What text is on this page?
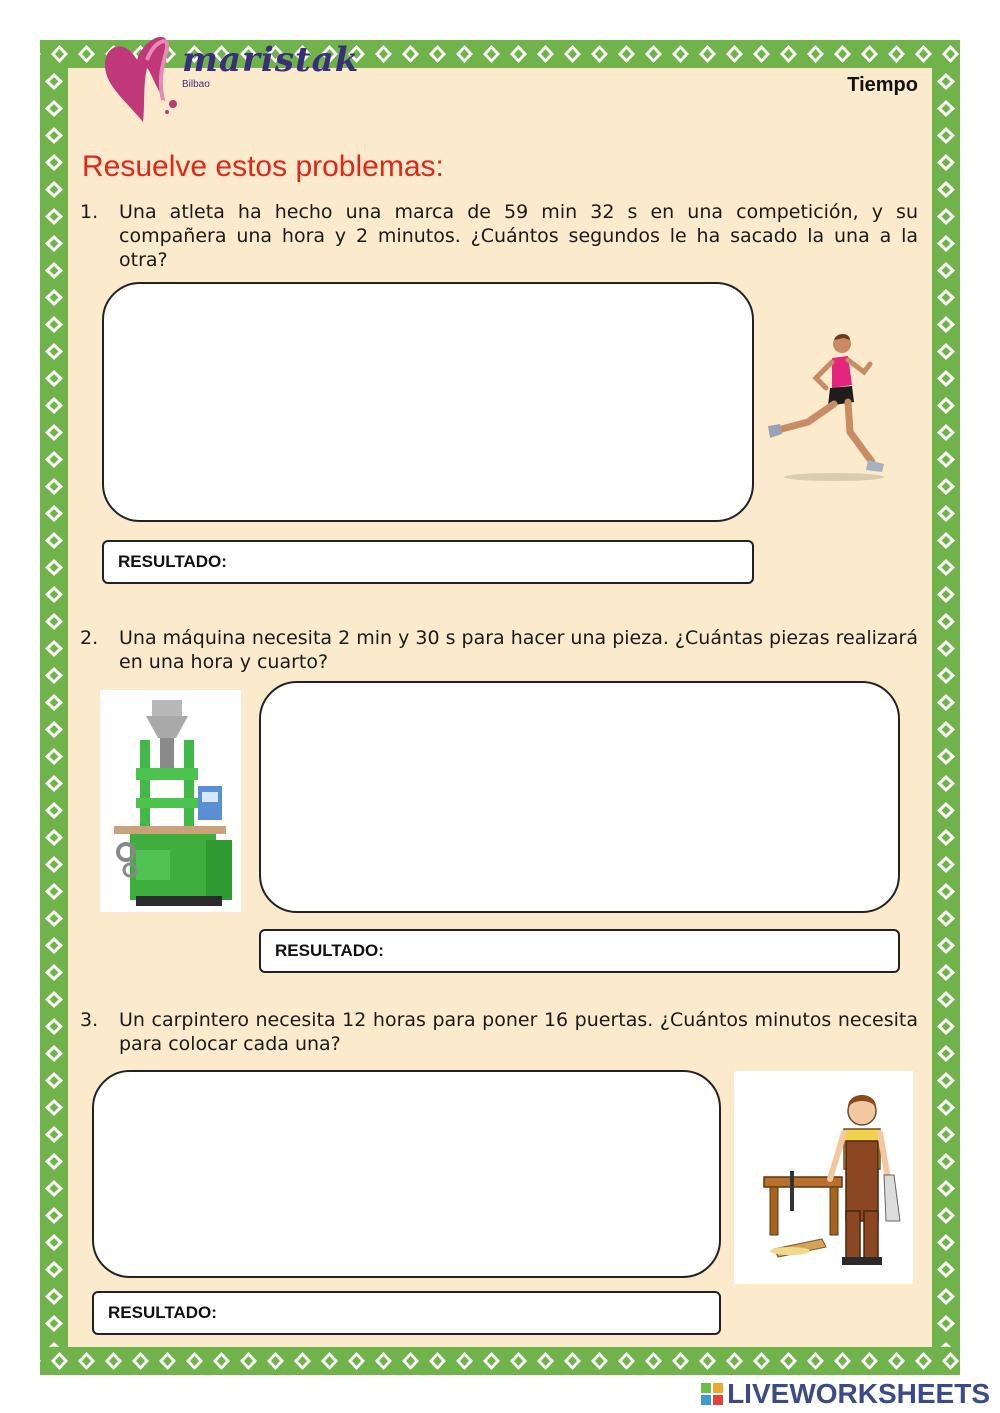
maristak
Bilbao	Tiempo
Resuelve estos problemas:
1.	Una atleta ha hecho una marca de 59 min 32 s en una competición, y su compañera una hora y 2 minutos. ¿Cuántos segundos le ha sacado la una a la otra?
RESULTADO:
2.	Una máquina necesita 2 min y 30 s para hacer una pieza. ¿Cuántas piezas realizará en una hora y cuarto?
RESULTADO:
3.	Un carpintero necesita 12 horas para poner 16 puertas. ¿Cuántos minutos necesita para colocar cada una?
RESULTADO:
LIVEWORKSHEETS
